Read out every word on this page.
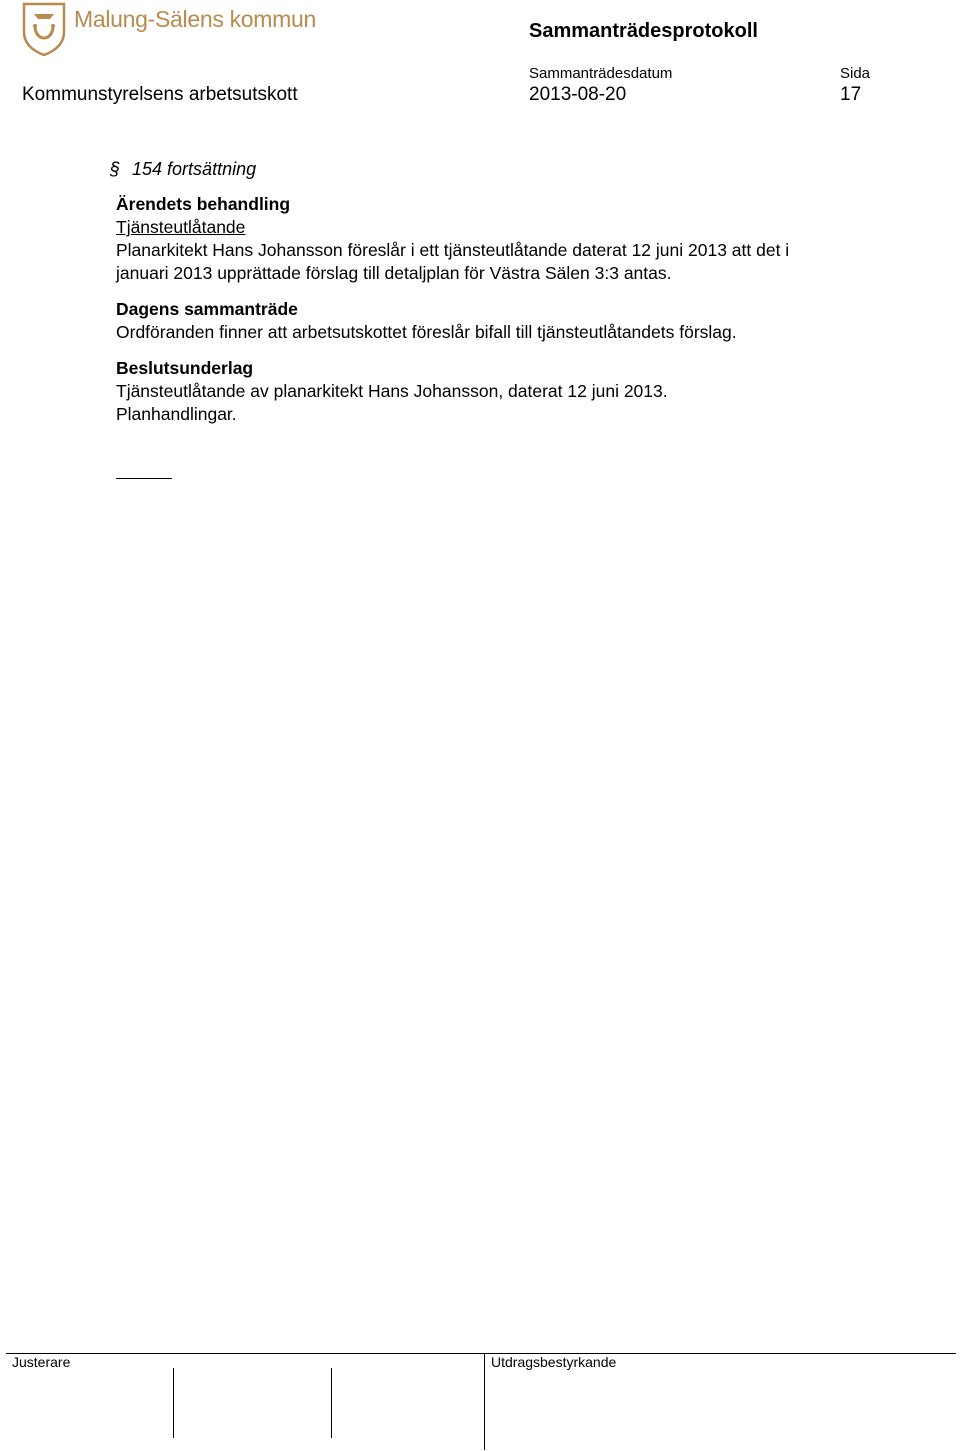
Malung-Sälens kommun	Sammanträdesprotokoll
Sammanträdesdatum	Sida
Kommunstyrelsens arbetsutskott	2013-08-20	17
§ 154 fortsättning

Ärendets behandling

Tjänsteutlåtande

Planarkitekt Hans Johansson föreslår i ett tjänsteutlåtande daterat 12 juni 2013 att det i

januari 2013 upprättade förslag till detaljplan för Västra Sälen 3:3 antas.

Dagens sammanträde

Ordföranden finner att arbetsutskottet föreslår bifall till tjänsteutlåtandets förslag.

Beslutsunderlag

Tjänsteutlåtande av planarkitekt Hans Johansson, daterat 12 juni 2013.

Planhandlingar.

Justerare	Utdragsbestyrkande
